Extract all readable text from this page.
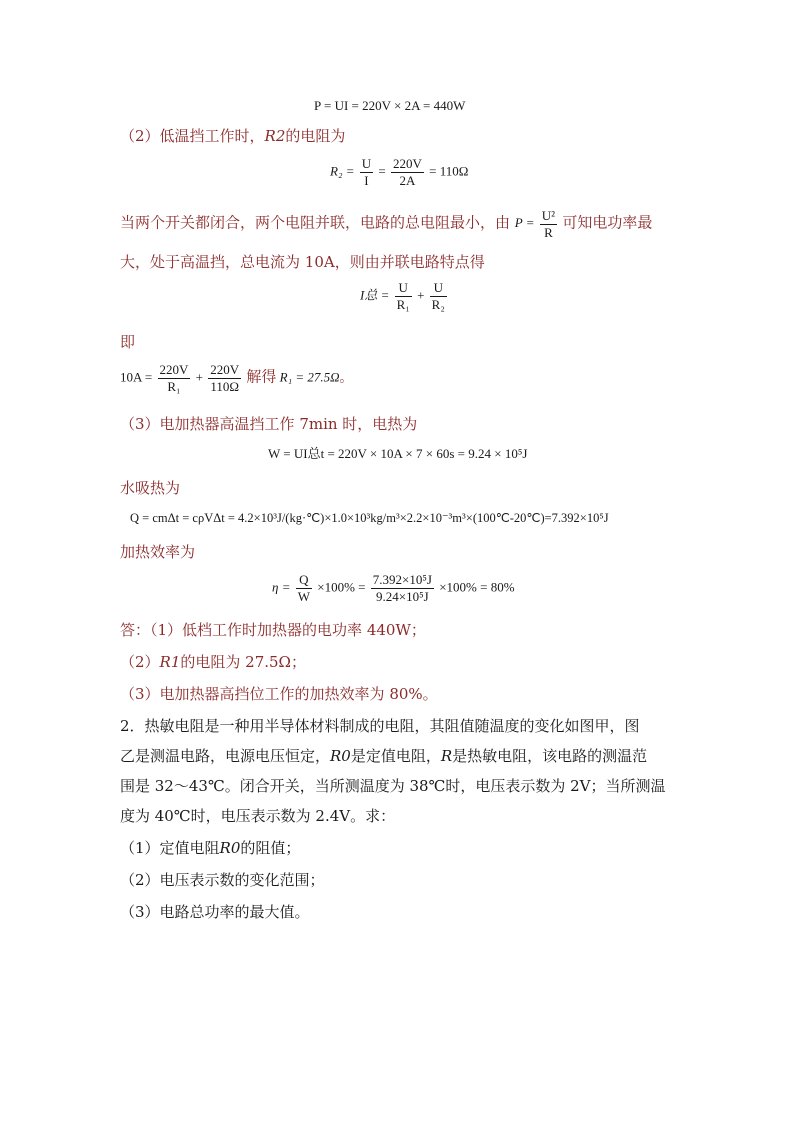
P = UI = 220V × 2A = 440W
（2）低温挡工作时，R2的电阻为
$R_2 = \frac{U}{I} = \frac{220V}{2A} = 110\Omega$
当两个开关都闭合，两个电阻并联，电路的总电阻最小，由 $P = \frac{\text{U²}}{R}$ 可知电功率最
大，处于高温挡，总电流为 10A，则由并联电路特点得
I总 = $\frac{U}{\text{R₁}} + \frac{U}{\text{R₂}}$
即
$10A = \frac{220V}{\text{R₁}} + \frac{220V}{110\Omega}$ 解得 R₁ = 27.5Ω。
（3）电加热器高温挡工作 7min 时，电热为
W = UI总t = 220V × 10A × 7 × 60s = 9.24 × 10⁵J
水吸热为
Q = cmΔt = cρVΔt = 4.2×10³J/(kg·℃)×1.0×10³kg/m³×2.2×10⁻³m³×(100℃-20℃)=7.392×10⁵J
加热效率为
$\eta = \frac{Q}{W} \times 100\% = \frac{\text{7.392×10⁵J}}{\text{9.24×10⁵J}} \times 100\% = 80\%$
答：（1）低档工作时加热器的电功率 440W；
（2）R1的电阻为 27.5Ω；
（3）电加热器高挡位工作的加热效率为 80%。
2．热敏电阻是一种用半导体材料制成的电阻，其阻值随温度的变化如图甲，图
乙是测温电路，电源电压恒定，R0是定值电阻，R是热敏电阻，该电路的测温范
围是 32～43℃。闭合开关，当所测温度为 38℃时，电压表示数为 2V；当所测温
度为 40℃时，电压表示数为 2.4V。求：
（1）定值电阻R0的阻值；
（2）电压表示数的变化范围；
（3）电路总功率的最大值。
